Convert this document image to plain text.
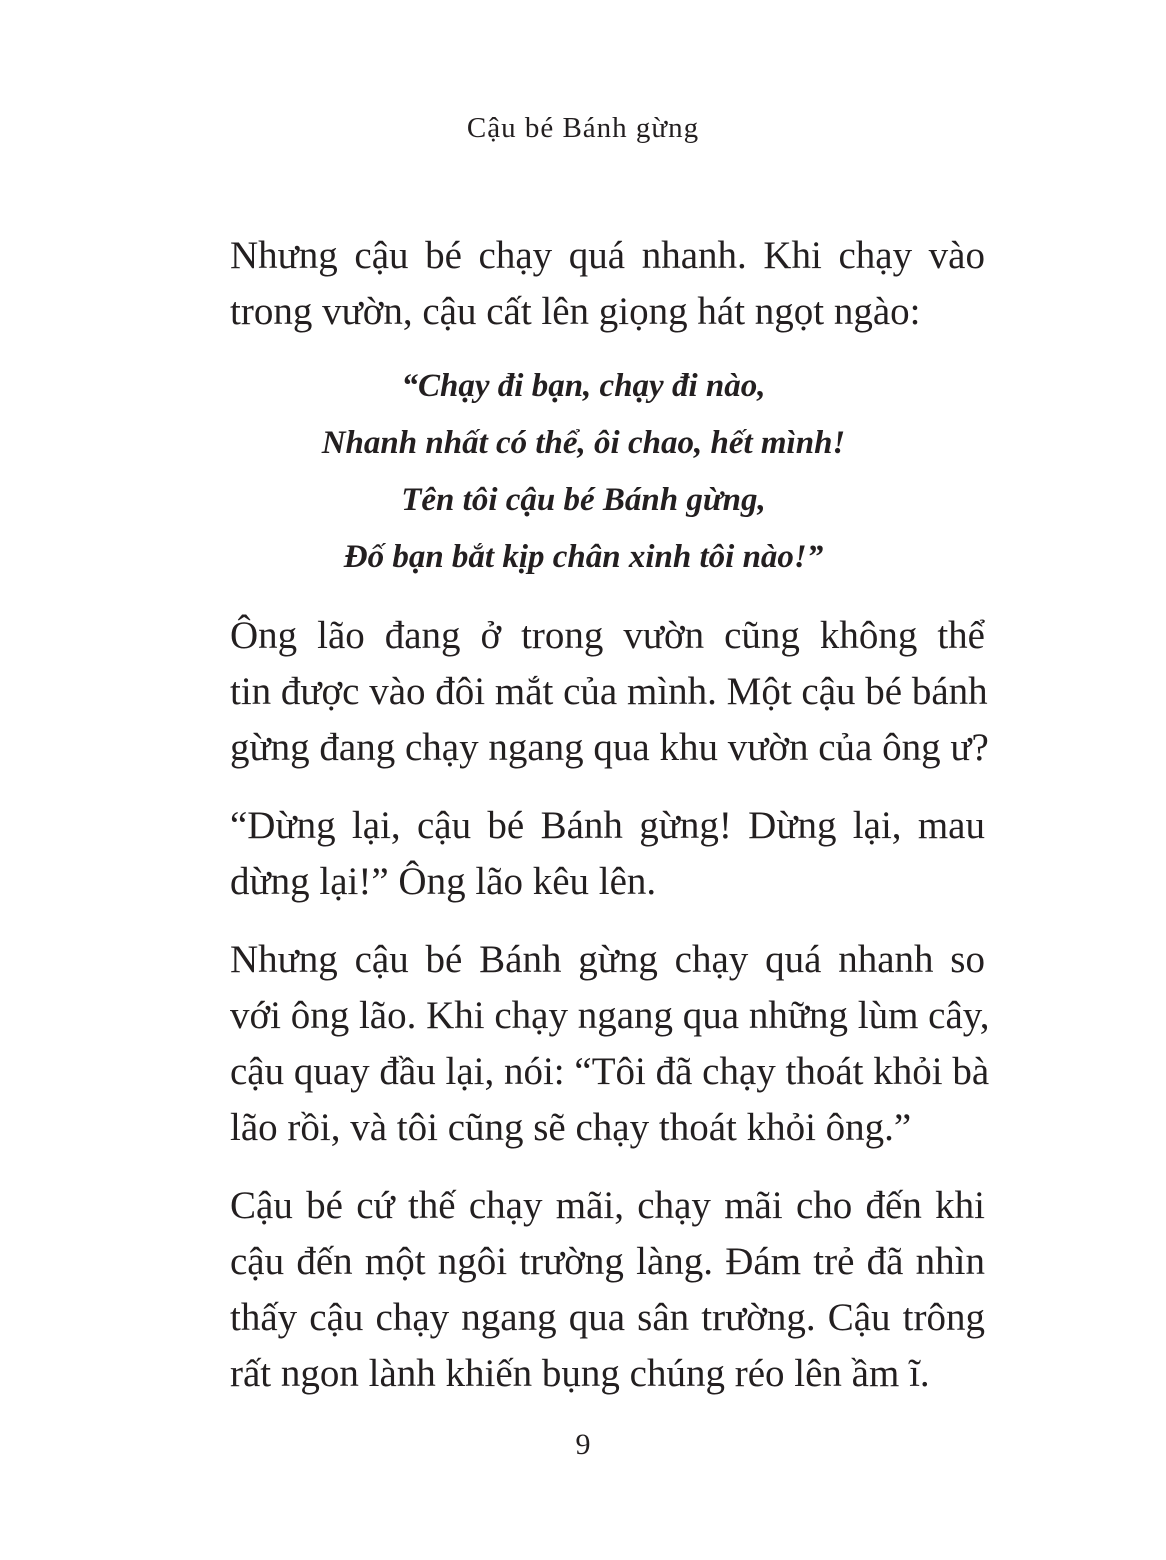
Cậu bé Bánh gừng

Nhưng cậu bé chạy quá nhanh. Khi chạy vào
trong vườn, cậu cất lên giọng hát ngọt ngào:

“Chạy đi bạn, chạy đi nào,
Nhanh nhất có thể, ôi chao, hết mình!
Tên tôi cậu bé Bánh gừng,
Đố bạn bắt kịp chân xinh tôi nào!”

Ông lão đang ở trong vườn cũng không thể
tin được vào đôi mắt của mình. Một cậu bé bánh
gừng đang chạy ngang qua khu vườn của ông ư?

“Dừng lại, cậu bé Bánh gừng! Dừng lại, mau
dừng lại!” Ông lão kêu lên.

Nhưng cậu bé Bánh gừng chạy quá nhanh so
với ông lão. Khi chạy ngang qua những lùm cây,
cậu quay đầu lại, nói: “Tôi đã chạy thoát khỏi bà
lão rồi, và tôi cũng sẽ chạy thoát khỏi ông.”

Cậu bé cứ thế chạy mãi, chạy mãi cho đến khi
cậu đến một ngôi trường làng. Đám trẻ đã nhìn
thấy cậu chạy ngang qua sân trường. Cậu trông
rất ngon lành khiến bụng chúng réo lên ầm ĩ.

9
